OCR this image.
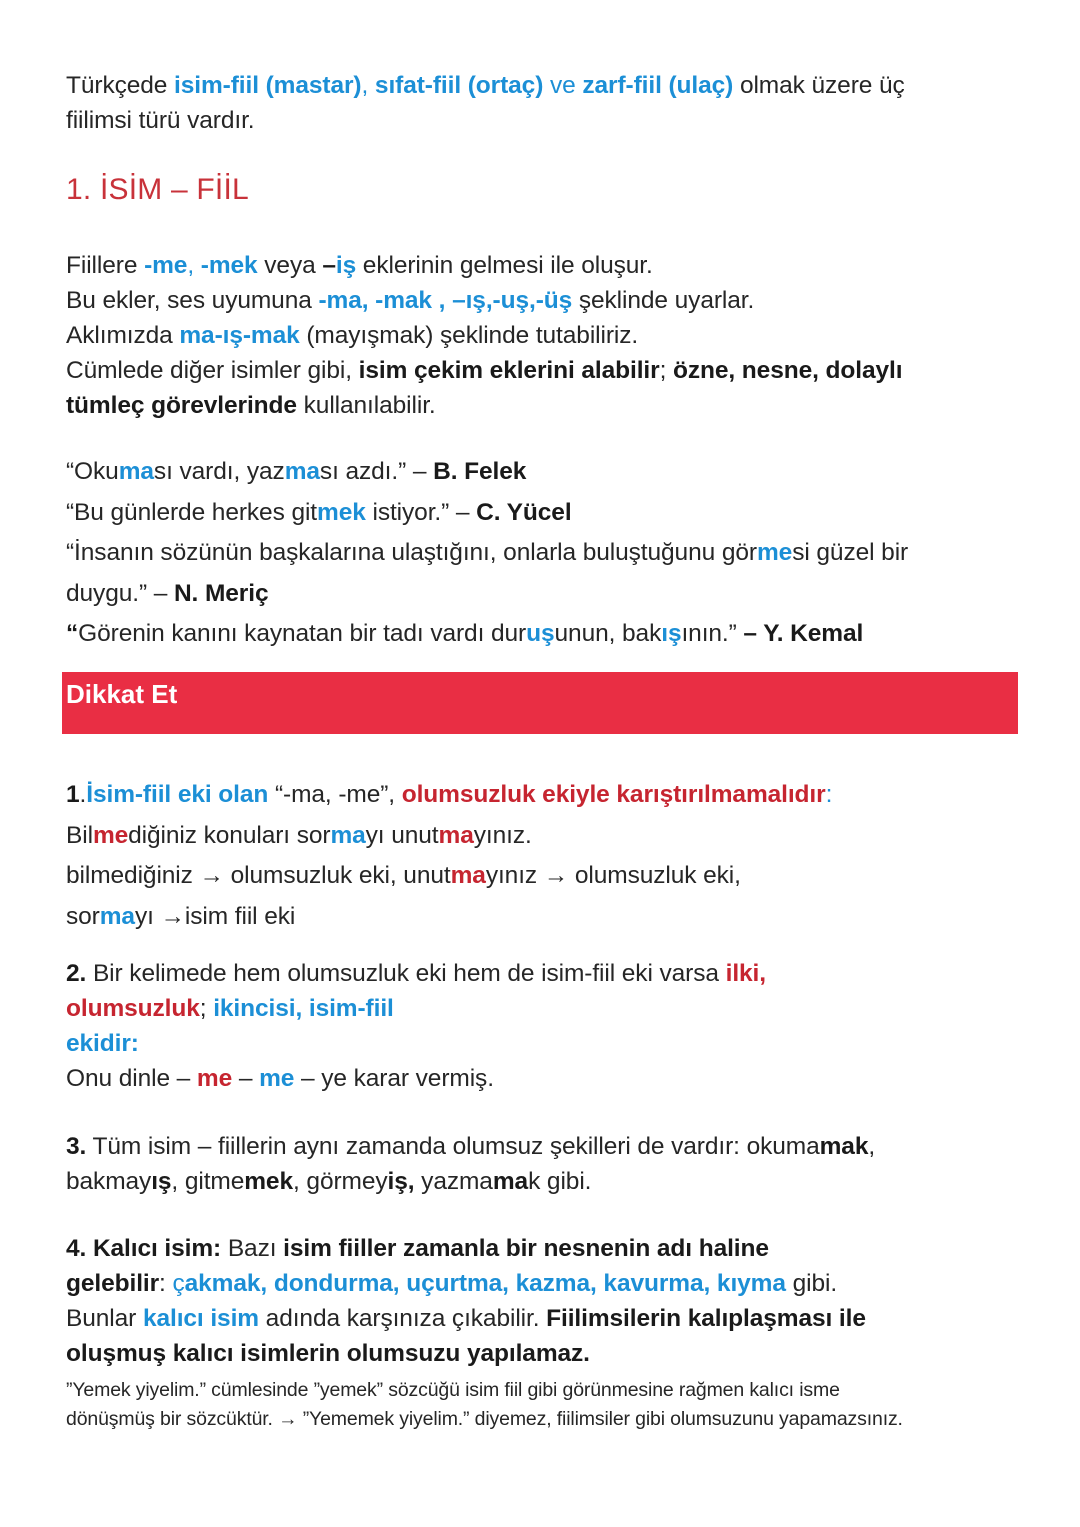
Türkçede isim-fiil (mastar), sıfat-fiil (ortaç) ve zarf-fiil (ulaç) olmak üzere üç
fiilimsi türü vardır.
1. İSİM – FİİL
Fiillere -me, -mek veya –iş eklerinin gelmesi ile oluşur.
Bu ekler, ses uyumuna -ma, -mak , –ış,-uş,-üş şeklinde uyarlar.
Aklımızda ma-ış-mak (mayışmak) şeklinde tutabiliriz.
Cümlede diğer isimler gibi, isim çekim eklerini alabilir; özne, nesne, dolaylı
tümleç görevlerinde kullanılabilir.
“Okuması vardı, yazması azdı.” – B. Felek
“Bu günlerde herkes gitmek istiyor.” – C. Yücel
“İnsanın sözünün başkalarına ulaştığını, onlarla buluştuğunu görmesi güzel bir
duygu.” – N. Meriç
“Görenin kanını kaynatan bir tadı vardı duruşunun, bakışının.” – Y. Kemal
Dikkat Et
1.İsim-fiil eki olan “-ma, -me”, olumsuzluk ekiyle karıştırılmamalıdır:
Bilmediğiniz konuları sormayı unutmayınız.
bilmediğiniz → olumsuzluk eki, unutmayınız → olumsuzluk eki,
sormayı →isim fiil eki
2. Bir kelimede hem olumsuzluk eki hem de isim-fiil eki varsa ilki,
olumsuzluk; ikincisi, isim-fiil
ekidir:
Onu dinle – me – me – ye karar vermiş.
3. Tüm isim – fiillerin aynı zamanda olumsuz şekilleri de vardır: okumamak,
bakmayış, gitmemek, görmeyiş, yazmamak gibi.
4. Kalıcı isim: Bazı isim fiiller zamanla bir nesnenin adı haline
gelebilir: çakmak, dondurma, uçurtma, kazma, kavurma, kıyma gibi.
Bunlar kalıcı isim adında karşınıza çıkabilir. Fiilimsilerin kalıplaşması ile
oluşmuş kalıcı isimlerin olumsuzu yapılamaz.
”Yemek yiyelim.” cümlesinde ”yemek” sözcüğü isim fiil gibi görünmesine rağmen kalıcı isme
dönüşmüş bir sözcüktür. → ”Yememek yiyelim.” diyemez, fiilimsiler gibi olumsuzunu yapamazsınız.
